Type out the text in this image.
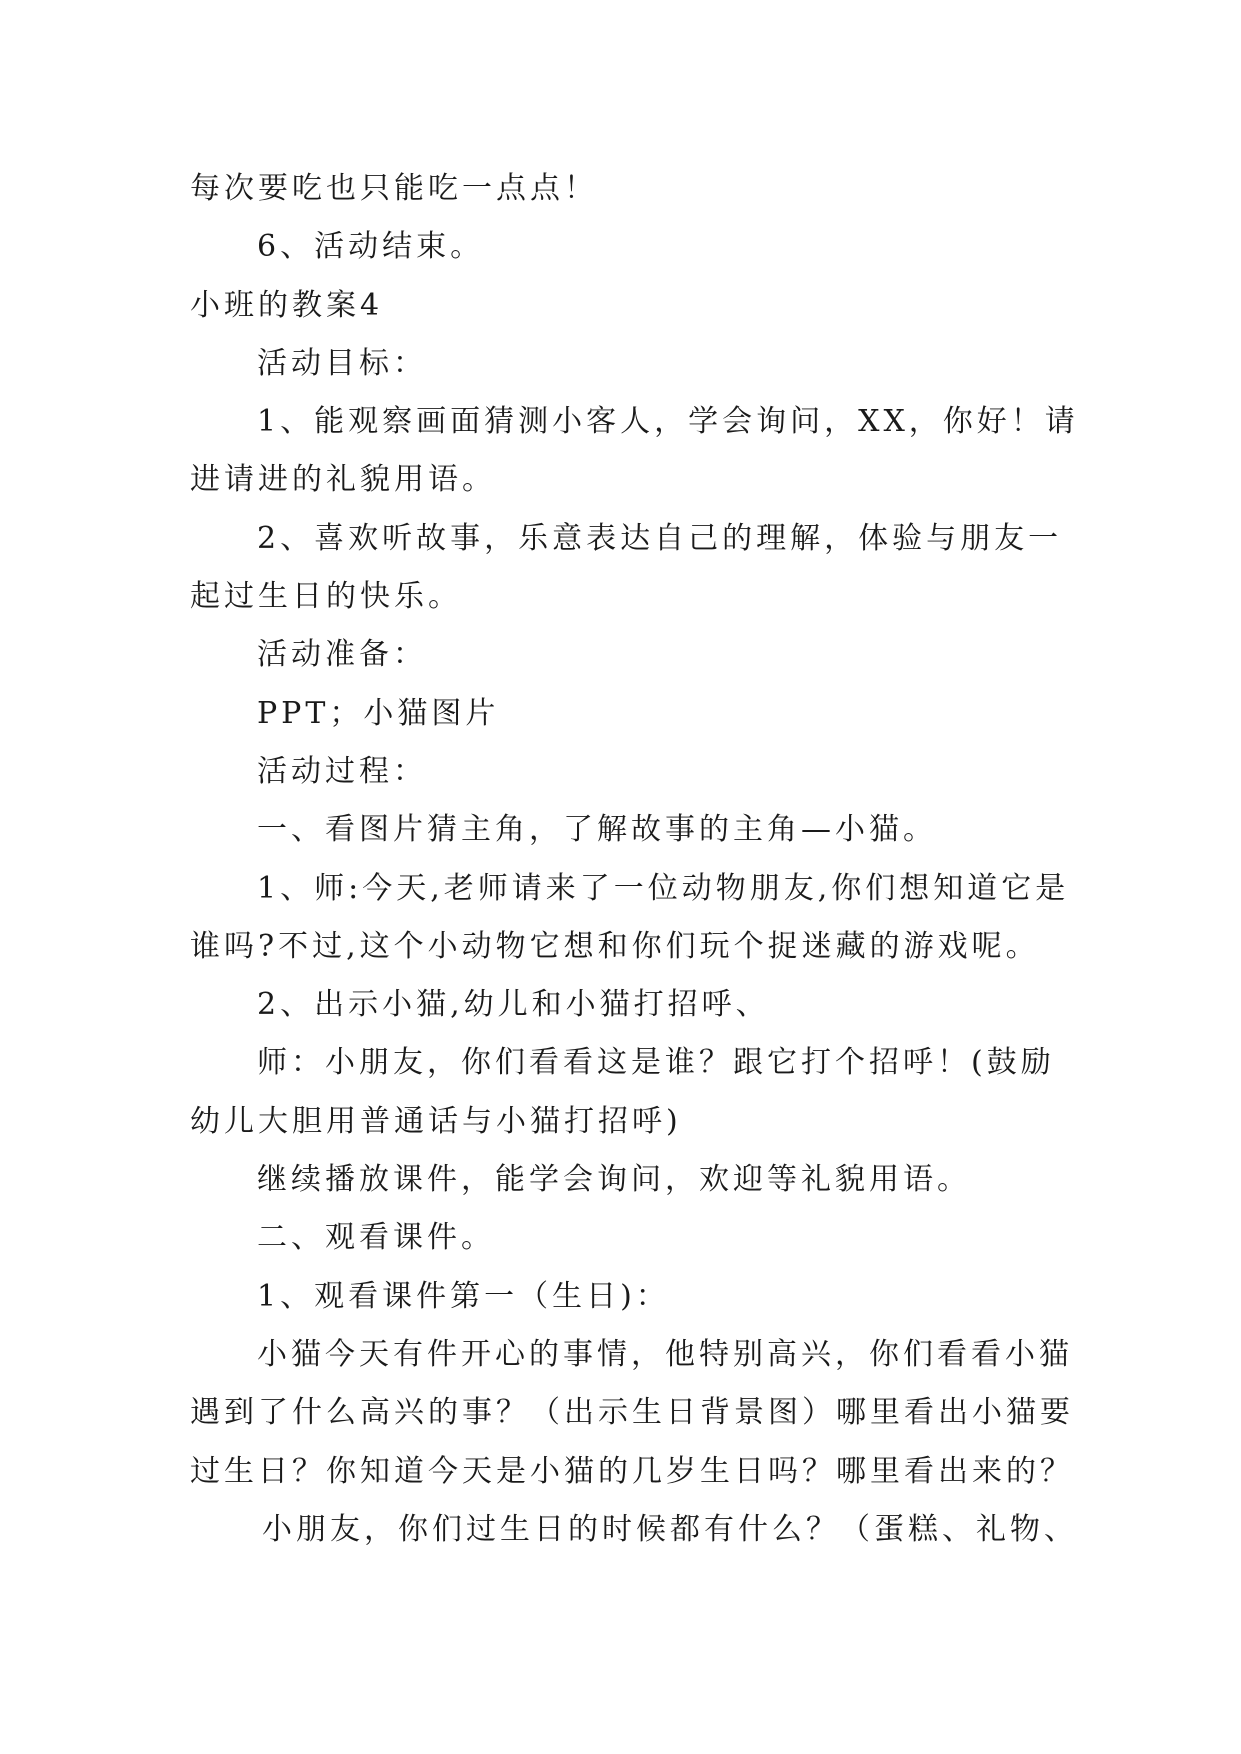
每次要吃也只能吃一点点！
6、活动结束。
小班的教案4
活动目标：
1、能观察画面猜测小客人，学会询问，XX，你好！请
进请进的礼貌用语。
2、喜欢听故事，乐意表达自己的理解，体验与朋友一
起过生日的快乐。
活动准备：
PPT；小猫图片
活动过程：
一、看图片猜主角，了解故事的主角—小猫。
1、师:今天,老师请来了一位动物朋友,你们想知道它是
谁吗?不过,这个小动物它想和你们玩个捉迷藏的游戏呢。
2、出示小猫,幼儿和小猫打招呼、
师：小朋友，你们看看这是谁？跟它打个招呼！(鼓励
幼儿大胆用普通话与小猫打招呼)
继续播放课件，能学会询问，欢迎等礼貌用语。
二、观看课件。
1、观看课件第一（生日)：
小猫今天有件开心的事情，他特别高兴，你们看看小猫
遇到了什么高兴的事？（出示生日背景图）哪里看出小猫要
过生日？你知道今天是小猫的几岁生日吗？哪里看出来的？
小朋友，你们过生日的时候都有什么？（蛋糕、礼物、
